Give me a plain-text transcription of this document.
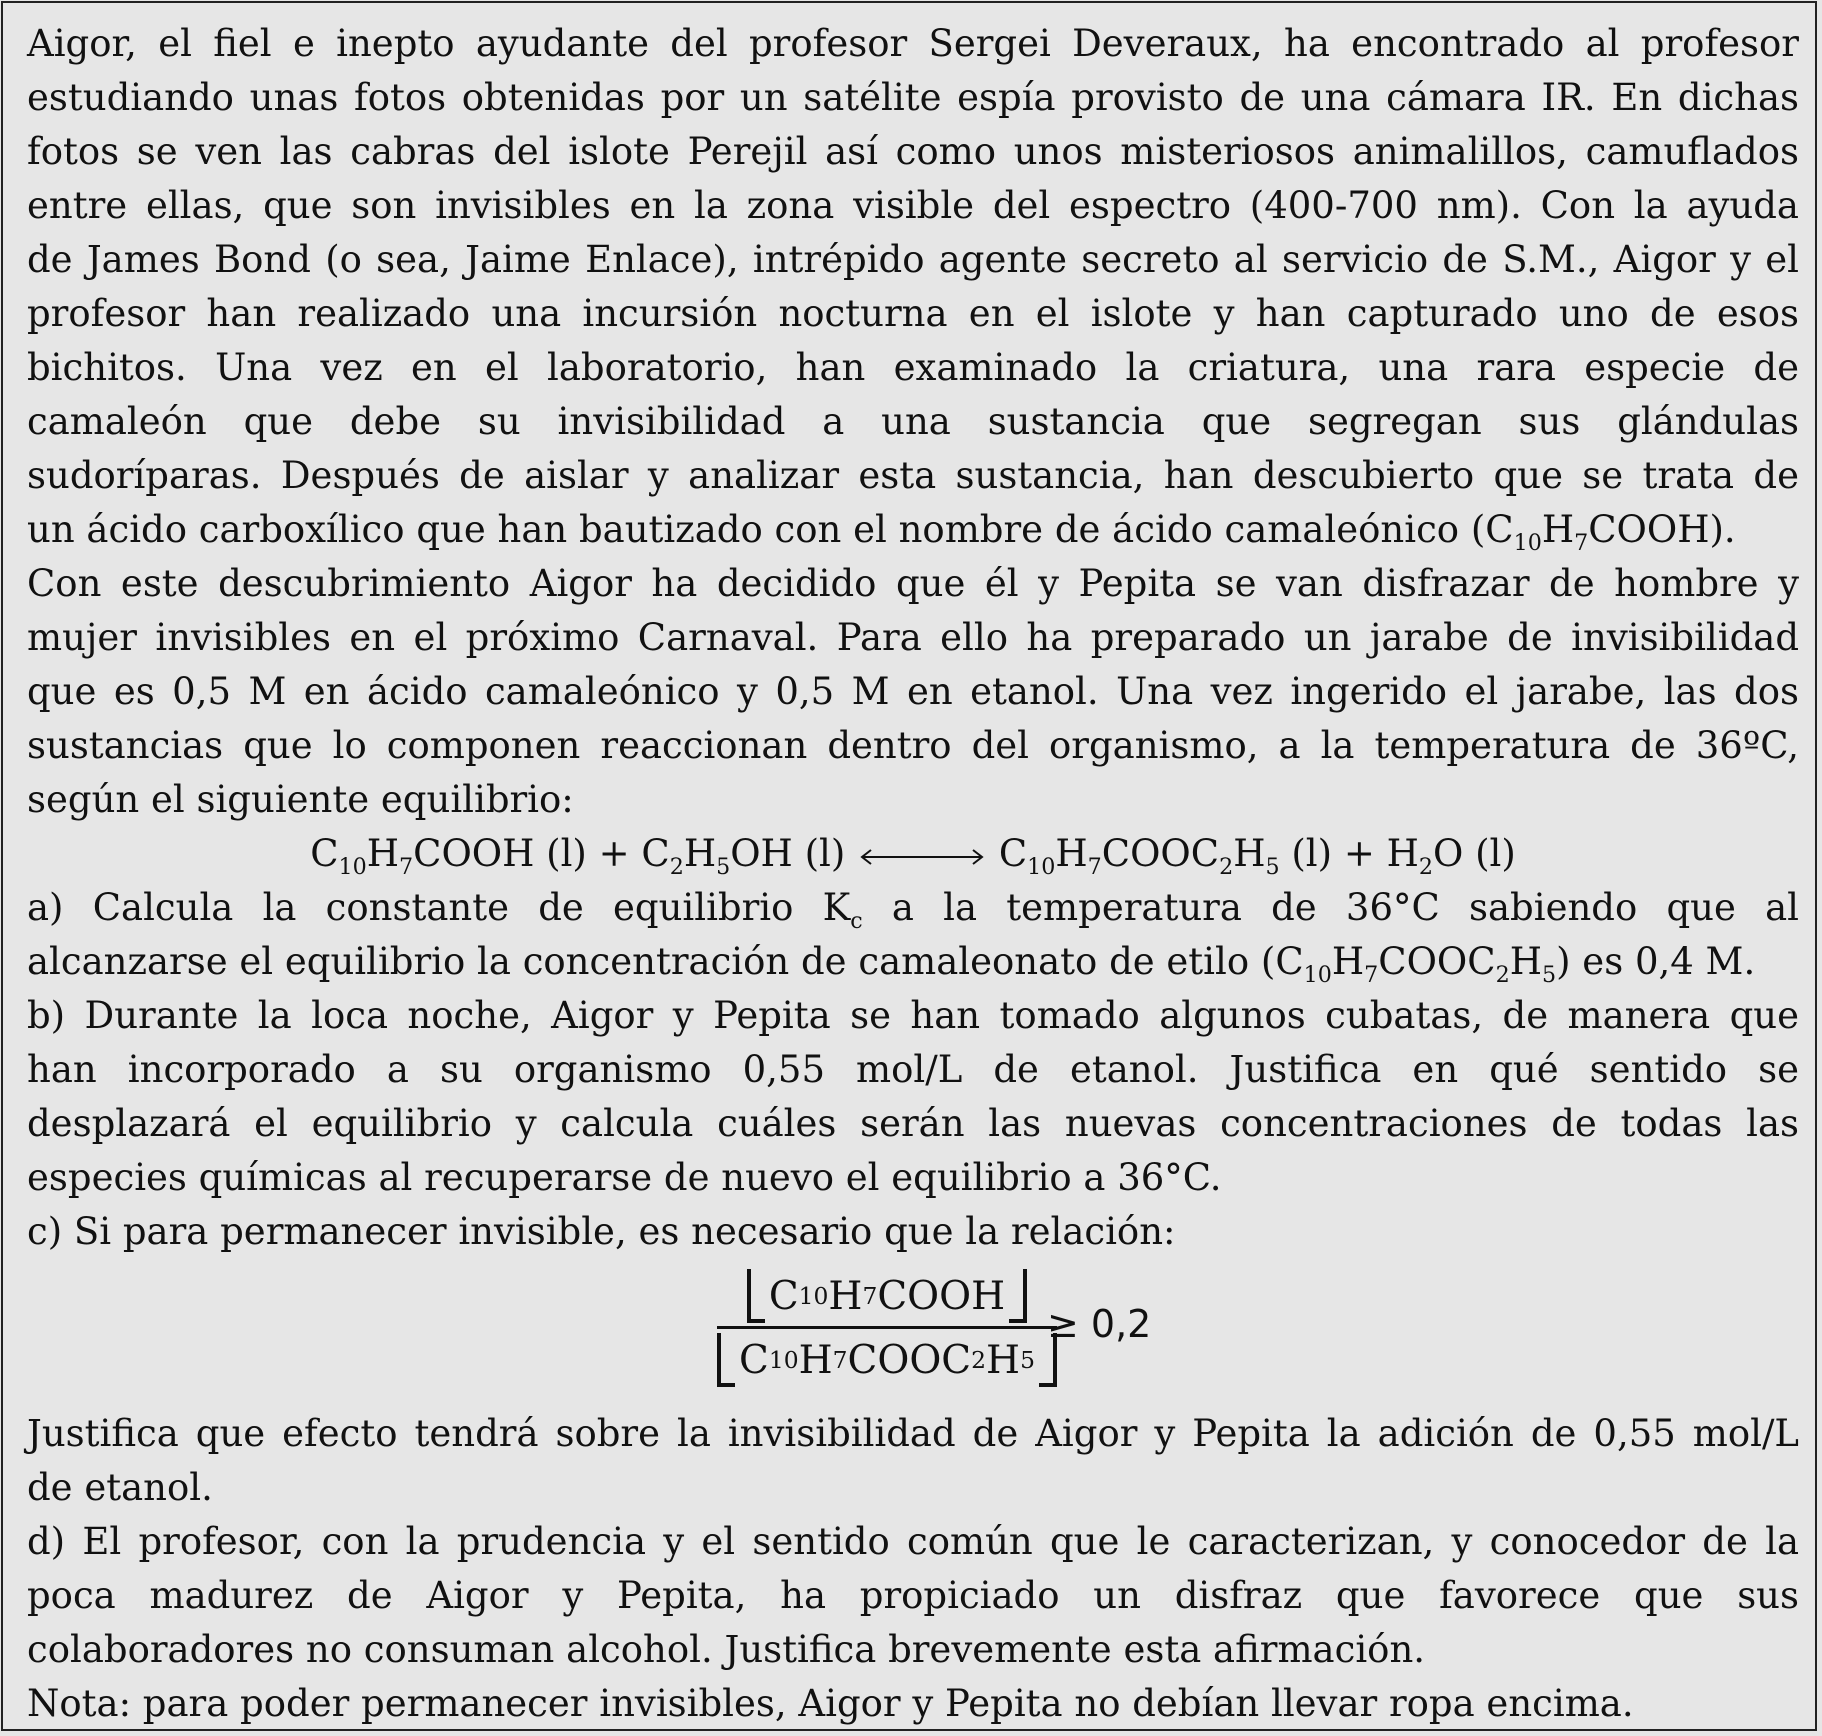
Aigor, el fiel e inepto ayudante del profesor Sergei Deveraux, ha encontrado al profesor
estudiando unas fotos obtenidas por un satélite espía provisto de una cámara IR. En dichas
fotos se ven las cabras del islote Perejil así como unos misteriosos animalillos, camuflados
entre ellas, que son invisibles en la zona visible del espectro (400-700 nm). Con la ayuda
de James Bond (o sea, Jaime Enlace), intrépido agente secreto al servicio de S.M., Aigor y el
profesor han realizado una incursión nocturna en el islote y han capturado uno de esos
bichitos. Una vez en el laboratorio, han examinado la criatura, una rara especie de
camaleón que debe su invisibilidad a una sustancia que segregan sus glándulas
sudoríparas. Después de aislar y analizar esta sustancia, han descubierto que se trata de
un ácido carboxílico que han bautizado con el nombre de ácido camaleónico $(C_{10}H_7COOH)$.
Con este descubrimiento Aigor ha decidido que él y Pepita se van disfrazar de hombre y
mujer invisibles en el próximo Carnaval. Para ello ha preparado un jarabe de invisibilidad
que es 0,5 M en ácido camaleónico y 0,5 M en etanol. Una vez ingerido el jarabe, las dos
sustancias que lo componen reaccionan dentro del organismo, a la temperatura de 36ºC,
según el siguiente equilibrio:
$C_{10}H_7COOH$ $(l) + C_2H_5OH$ (l)	$C_{10}H_7COOC_2H_5$ $(l) + H_2O$ (l)
a) Calcula la constante de equilibrio $K_c$ a la temperatura de 36°C sabiendo que al
alcanzarse el equilibrio la concentración de camaleonato de etilo $(C_{10}H_7COOC_2H_5)$ es 0,4 M.
b) Durante la loca noche, Aigor y Pepita se han tomado algunos cubatas, de manera que
han incorporado a su organismo 0,55 mol/L de etanol. Justifica en qué sentido se
desplazará el equilibrio y calcula cuáles serán las nuevas concentraciones de todas las
especies químicas al recuperarse de nuevo el equilibrio a 36°C.
c) Si para permanecer invisible, es necesario que la relación:
C 10 H 7 COOH
C 10 H 7 COOC 2 H 5
≥ 0,2
Justifica que efecto tendrá sobre la invisibilidad de Aigor y Pepita la adición de 0,55 mol/L
de etanol.
d) El profesor, con la prudencia y el sentido común que le caracterizan, y conocedor de la
poca madurez de Aigor y Pepita, ha propiciado un disfraz que favorece que sus
colaboradores no consuman alcohol. Justifica brevemente esta afirmación.
Nota: para poder permanecer invisibles, Aigor y Pepita no debían llevar ropa encima.
